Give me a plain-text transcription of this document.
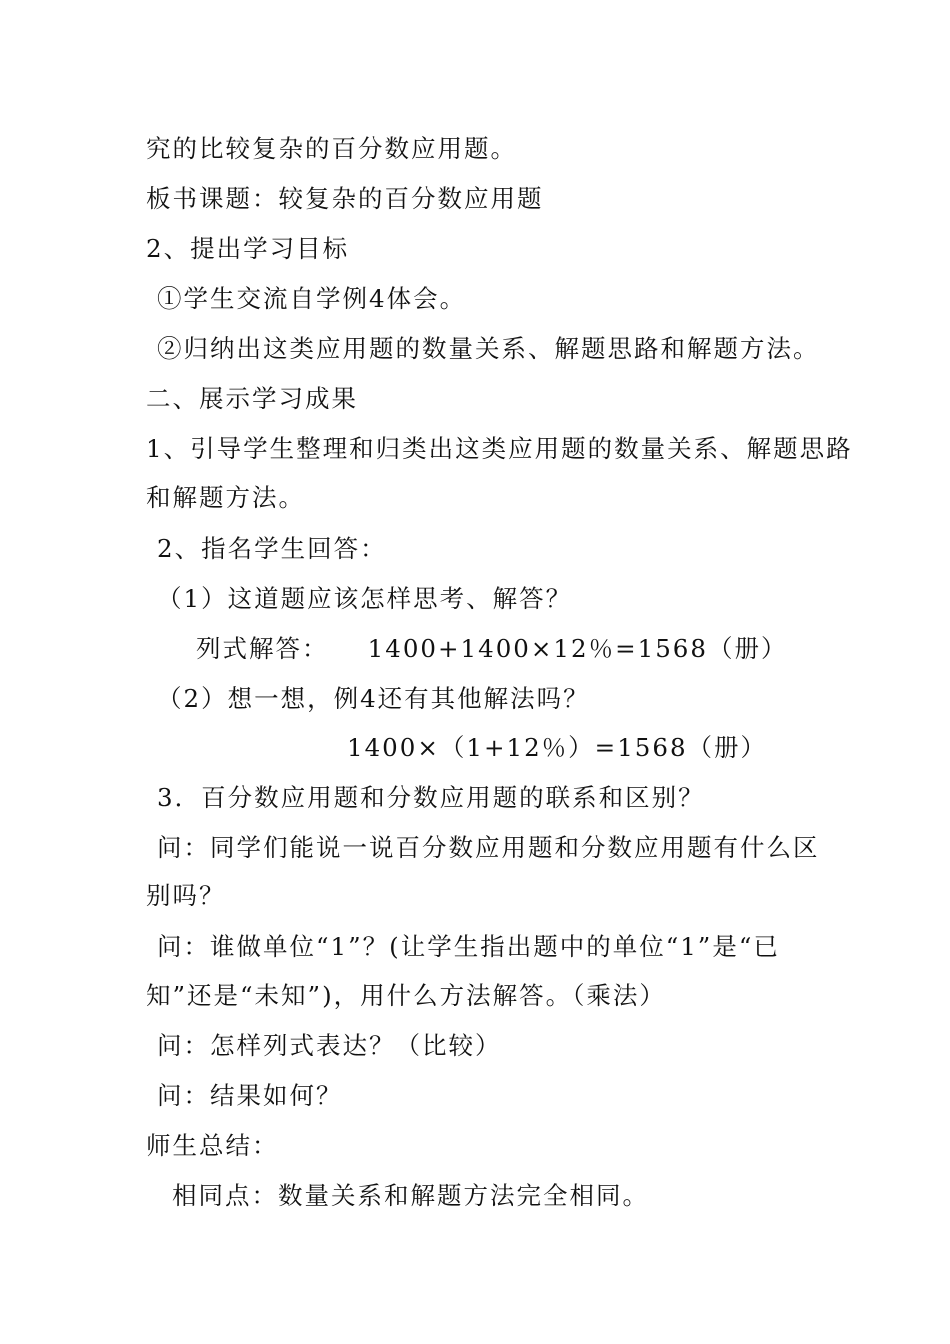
究的比较复杂的百分数应用题。
板书课题：较复杂的百分数应用题
2、提出学习目标
①学生交流自学例4体会。
②归纳出这类应用题的数量关系、解题思路和解题方法。
二、展示学习成果
1、引导学生整理和归类出这类应用题的数量关系、解题思路
和解题方法。
2、指名学生回答：
（1）这道题应该怎样思考、解答？
列式解答：    1400+1400×12％=1568（册）
（2）想一想，例4还有其他解法吗？
1400×（1+12％）=1568（册）
3．百分数应用题和分数应用题的联系和区别？
问：同学们能说一说百分数应用题和分数应用题有什么区
别吗？
问：谁做单位“1”？(让学生指出题中的单位“1”是“已
知”还是“未知”)，用什么方法解答。（乘法）
问：怎样列式表达？（比较）
问：结果如何？
师生总结：
相同点：数量关系和解题方法完全相同。
